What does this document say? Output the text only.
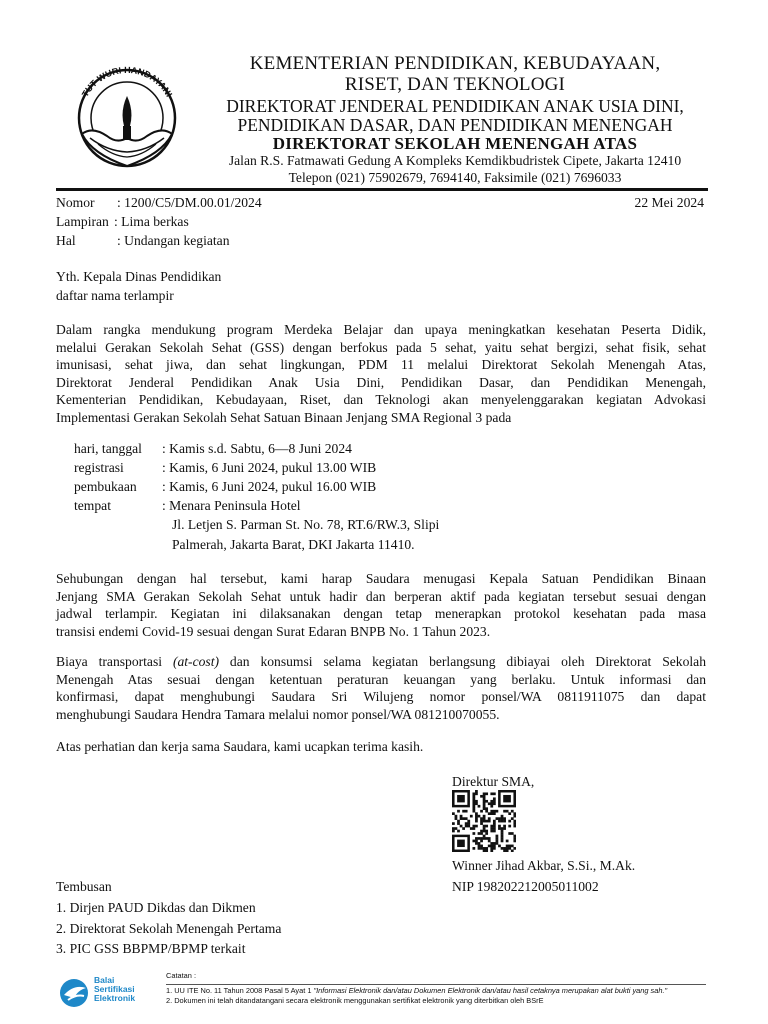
TUT WURI HANDAYANI
KEMENTERIAN PENDIDIKAN, KEBUDAYAAN,
RISET, DAN TEKNOLOGI
DIREKTORAT JENDERAL PENDIDIKAN ANAK USIA DINI,
PENDIDIKAN DASAR, DAN PENDIDIKAN MENENGAH
DIREKTORAT SEKOLAH MENENGAH ATAS
Jalan R.S. Fatmawati Gedung A Kompleks Kemdikbudristek Cipete, Jakarta 12410
Telepon (021) 75902679, 7694140, Faksimile (021) 7696033
Nomor : 1200/C5/DM.00.01/2024	22 Mei 2024
Lampiran : Lima berkas
Hal	: Undangan kegiatan
Yth. Kepala Dinas Pendidikan
daftar nama terlampir
Dalam rangka mendukung program Merdeka Belajar dan upaya meningkatkan kesehatan Peserta Didik,
melalui Gerakan Sekolah Sehat (GSS) dengan berfokus pada 5 sehat, yaitu sehat bergizi, sehat fisik, sehat
imunisasi, sehat jiwa, dan sehat lingkungan, PDM 11 melalui Direktorat Sekolah Menengah Atas,
Direktorat Jenderal Pendidikan Anak Usia Dini, Pendidikan Dasar, dan Pendidikan Menengah,
Kementerian Pendidikan, Kebudayaan, Riset, dan Teknologi akan menyelenggarakan kegiatan Advokasi
Implementasi Gerakan Sekolah Sehat Satuan Binaan Jenjang SMA Regional 3 pada
hari, tanggal : Kamis s.d. Sabtu, 6—8 Juni 2024
registrasi	: Kamis, 6 Juni 2024, pukul 13.00 WIB
pembukaan : Kamis, 6 Juni 2024, pukul 16.00 WIB
tempat	: Menara Peninsula Hotel
Jl. Letjen S. Parman St. No. 78, RT.6/RW.3, Slipi
Palmerah, Jakarta Barat, DKI Jakarta 11410.
Sehubungan dengan hal tersebut, kami harap Saudara menugasi Kepala Satuan Pendidikan Binaan
Jenjang SMA Gerakan Sekolah Sehat untuk hadir dan berperan aktif pada kegiatan tersebut sesuai dengan
jadwal terlampir. Kegiatan ini dilaksanakan dengan tetap menerapkan protokol kesehatan pada masa
transisi endemi Covid-19 sesuai dengan Surat Edaran BNPB No. 1 Tahun 2023.
Biaya transportasi (at-cost) dan konsumsi selama kegiatan berlangsung dibiayai oleh Direktorat Sekolah
Menengah Atas sesuai dengan ketentuan peraturan keuangan yang berlaku. Untuk informasi dan
konfirmasi, dapat menghubungi Saudara Sri Wilujeng nomor ponsel/WA 0811911075 dan dapat
menghubungi Saudara Hendra Tamara melalui nomor ponsel/WA 081210070055.
Atas perhatian dan kerja sama Saudara, kami ucapkan terima kasih.
Direktur SMA,
Winner Jihad Akbar, S.Si., M.Ak.
NIP 198202212005011002
Tembusan
1. Dirjen PAUD Dikdas dan Dikmen
2. Direktorat Sekolah Menengah Pertama
3. PIC GSS BBPMP/BPMP terkait
Balai
Sertifikasi
Elektronik
Catatan :
1. UU ITE No. 11 Tahun 2008 Pasal 5 Ayat 1 "Informasi Elektronik dan/atau Dokumen Elektronik dan/atau hasil cetaknya merupakan alat bukti yang sah."
2. Dokumen ini telah ditandatangani secara elektronik menggunakan sertifikat elektronik yang diterbitkan oleh BSrE
